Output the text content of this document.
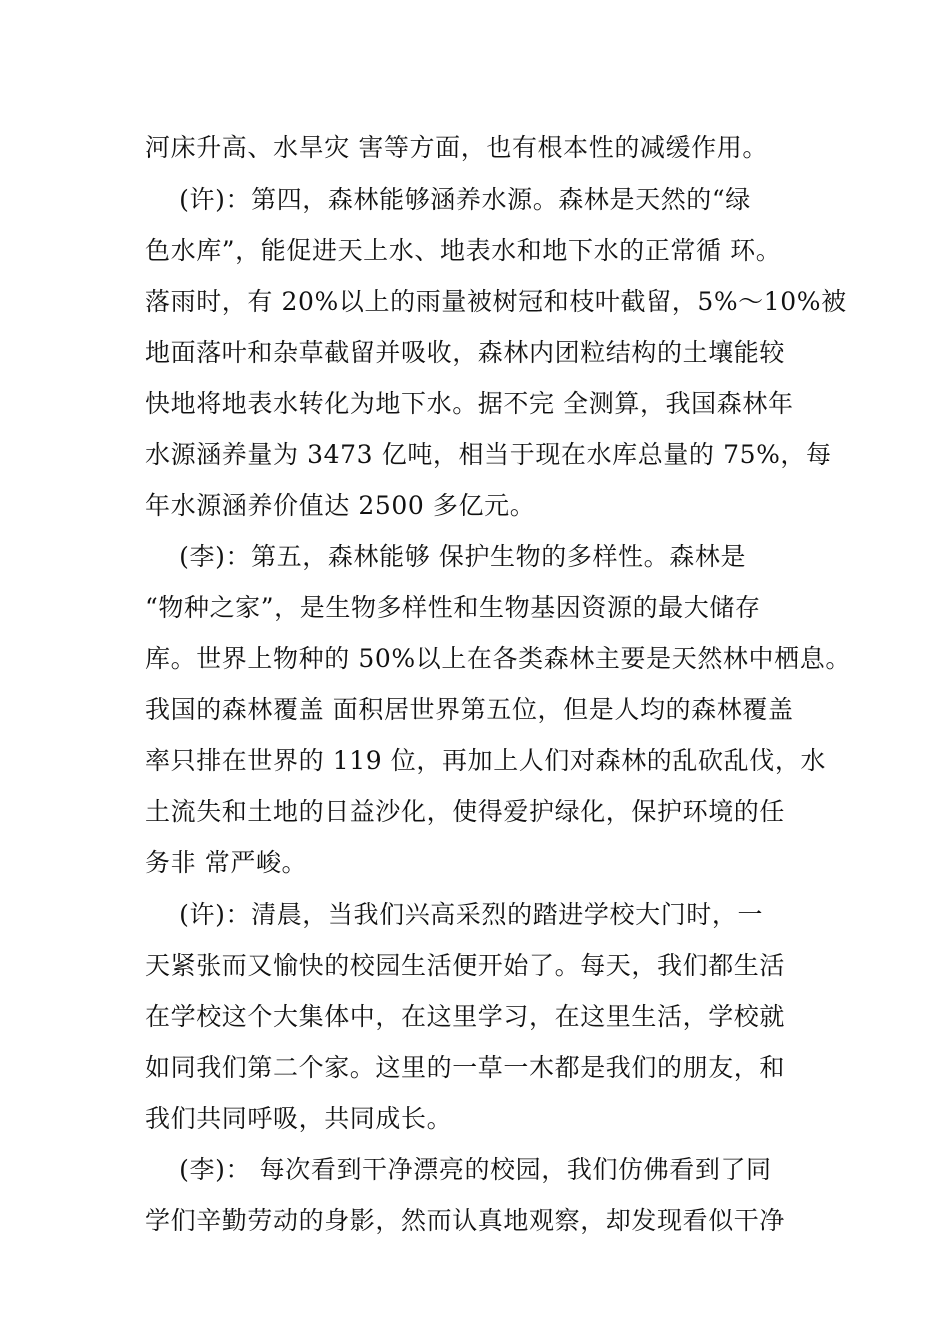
河床升高、水旱灾 害等方面，也有根本性的减缓作用。
(许)：第四，森林能够涵养水源。森林是天然的“绿
色水库”，能促进天上水、地表水和地下水的正常循 环。
落雨时，有 20%以上的雨量被树冠和枝叶截留，5%～10%被
地面落叶和杂草截留并吸收，森林内团粒结构的土壤能较
快地将地表水转化为地下水。据不完 全测算，我国森林年
水源涵养量为 3473 亿吨，相当于现在水库总量的 75%，每
年水源涵养价值达 2500 多亿元。
(李)：第五，森林能够 保护生物的多样性。森林是
“物种之家”，是生物多样性和生物基因资源的最大储存
库。世界上物种的 50%以上在各类森林主要是天然林中栖息。
我国的森林覆盖 面积居世界第五位，但是人均的森林覆盖
率只排在世界的 119 位，再加上人们对森林的乱砍乱伐，水
土流失和土地的日益沙化，使得爱护绿化，保护环境的任
务非 常严峻。
(许)：清晨，当我们兴高采烈的踏进学校大门时，一
天紧张而又愉快的校园生活便开始了。每天，我们都生活
在学校这个大集体中，在这里学习，在这里生活，学校就
如同我们第二个家。这里的一草一木都是我们的朋友，和
我们共同呼吸，共同成长。
(李)： 每次看到干净漂亮的校园，我们仿佛看到了同
学们辛勤劳动的身影，然而认真地观察，却发现看似干净
